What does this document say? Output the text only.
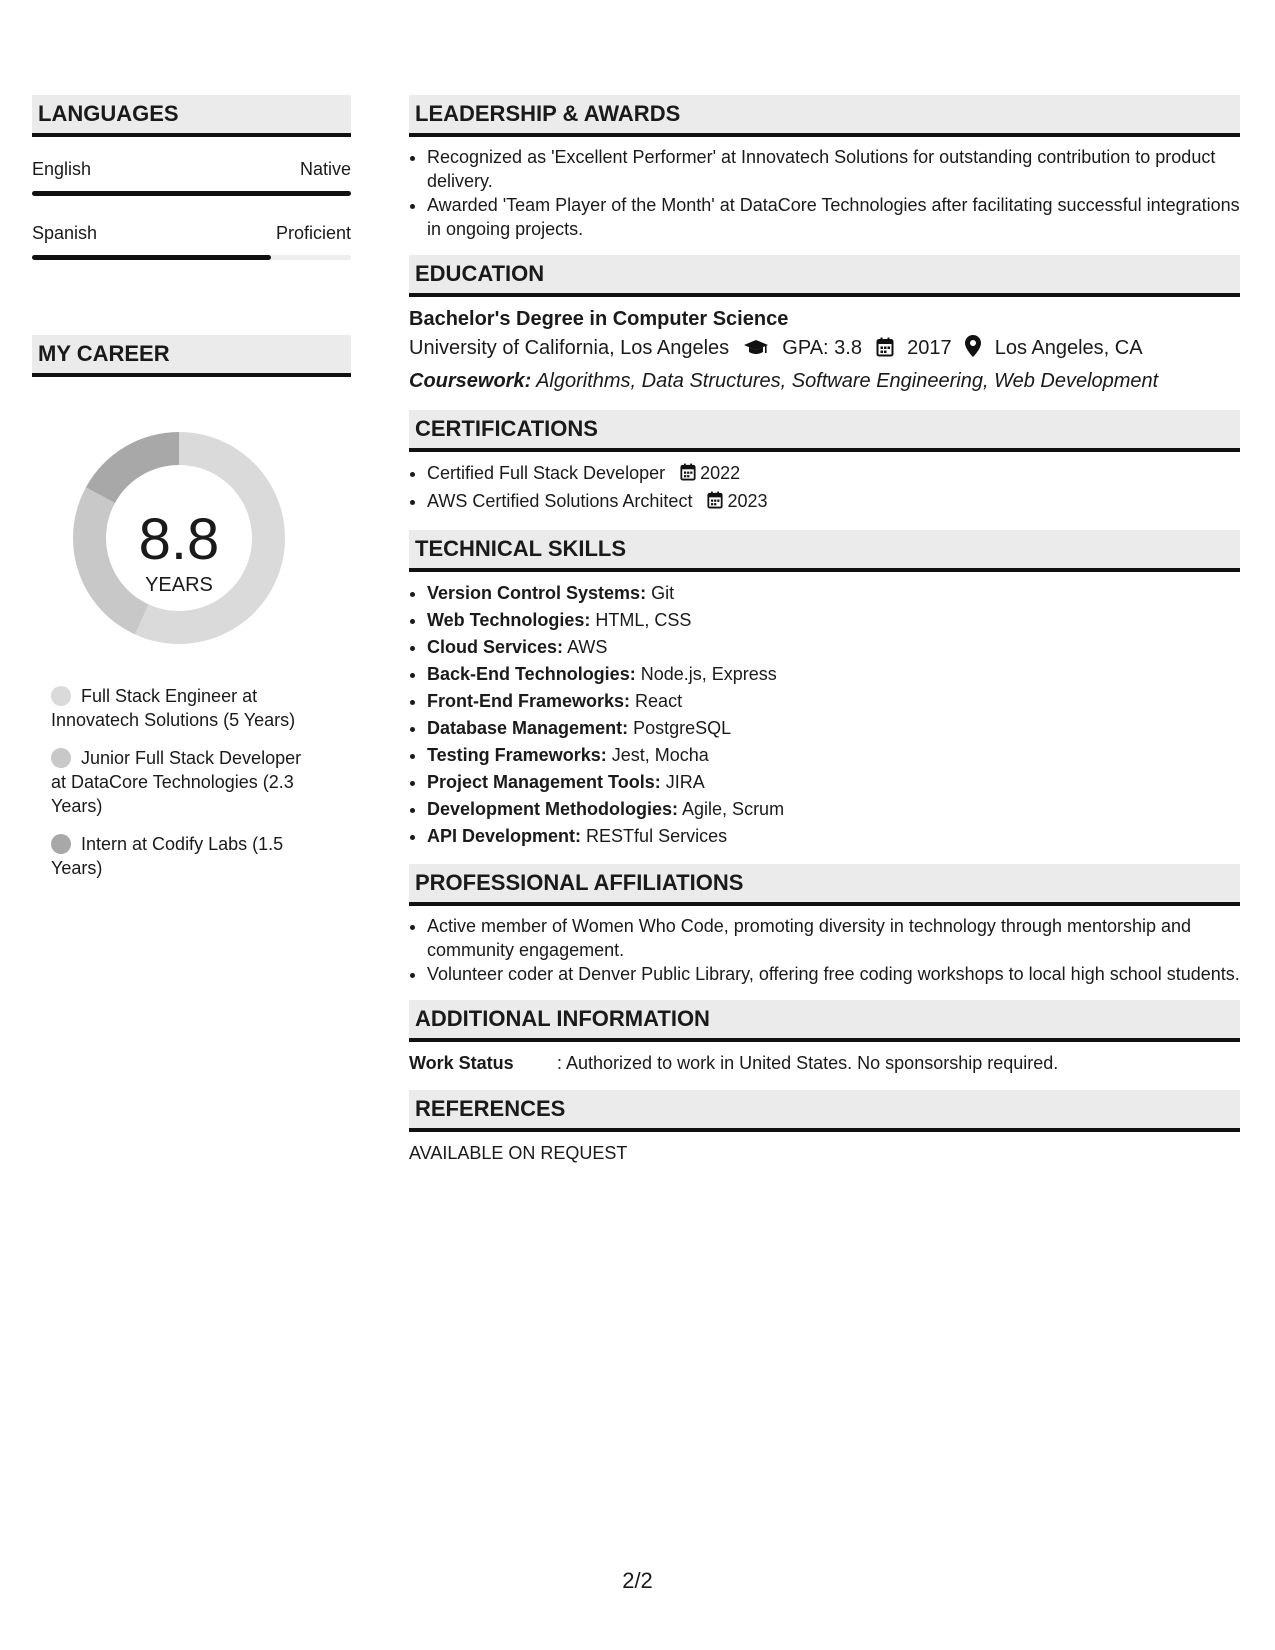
LANGUAGES
English	Native
Spanish	Proficient
MY CAREER
8.8
YEARS
Full Stack Engineer at Innovatech Solutions (5 Years)
Junior Full Stack Developer at DataCore Technologies (2.3 Years)
Intern at Codify Labs (1.5 Years)
LEADERSHIP & AWARDS
• Recognized as 'Excellent Performer' at Innovatech Solutions for outstanding contribution to product delivery.
• Awarded 'Team Player of the Month' at DataCore Technologies after facilitating successful integrations in ongoing projects.
EDUCATION
Bachelor's Degree in Computer Science
University of California, Los Angeles	GPA: 3.8 2017 Los Angeles, CA
Coursework: Algorithms, Data Structures, Software Engineering, Web Development
CERTIFICATIONS
• Certified Full Stack Developer 2022
• AWS Certified Solutions Architect 2023
TECHNICAL SKILLS
• Version Control Systems: Git
• Web Technologies: HTML, CSS
• Cloud Services: AWS
• Back-End Technologies: Node.js, Express
• Front-End Frameworks: React
• Database Management: PostgreSQL
• Testing Frameworks: Jest, Mocha
• Project Management Tools: JIRA
• Development Methodologies: Agile, Scrum
• API Development: RESTful Services
PROFESSIONAL AFFILIATIONS
• Active member of Women Who Code, promoting diversity in technology through mentorship and community engagement.
• Volunteer coder at Denver Public Library, offering free coding workshops to local high school students.
ADDITIONAL INFORMATION
Work Status : Authorized to work in United States. No sponsorship required.
REFERENCES
AVAILABLE ON REQUEST
2/2
